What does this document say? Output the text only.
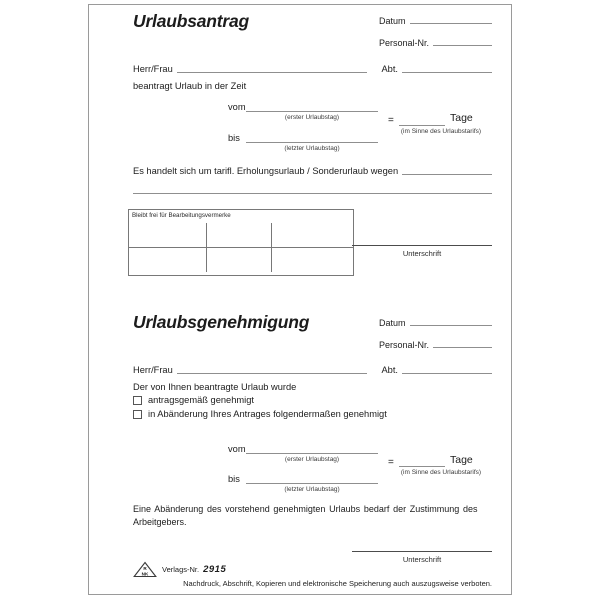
Urlaubsantrag	Datum
Personal-Nr.
Herr/Frau	Abt.
beantragt Urlaub in der Zeit
vom
(erster Urlaubstag)
bis
(letzter Urlaubstag)
=	Tage
(im Sinne des Urlaubstarifs)
Es handelt sich um tarifl. Erholungsurlaub / Sonderurlaub wegen
Bleibt frei für Bearbeitungsvermerke
Unterschrift
Urlaubsgenehmigung	Datum
Personal-Nr.
Herr/Frau	Abt.
Der von Ihnen beantragte Urlaub wurde
antragsgemäß genehmigt
in Abänderung Ihres Antrages folgendermaßen genehmigt
vom
(erster Urlaubstag)
bis
(letzter Urlaubstag)
=	Tage
(im Sinne des Urlaubstarifs)
Eine Abänderung des vorstehend genehmigten Urlaubs bedarf der Zustimmung des
Arbeitgebers.
Unterschrift
R
NK Verlags-Nr. 2915
Nachdruck, Abschrift, Kopieren und elektronische Speicherung auch auszugsweise verboten.
